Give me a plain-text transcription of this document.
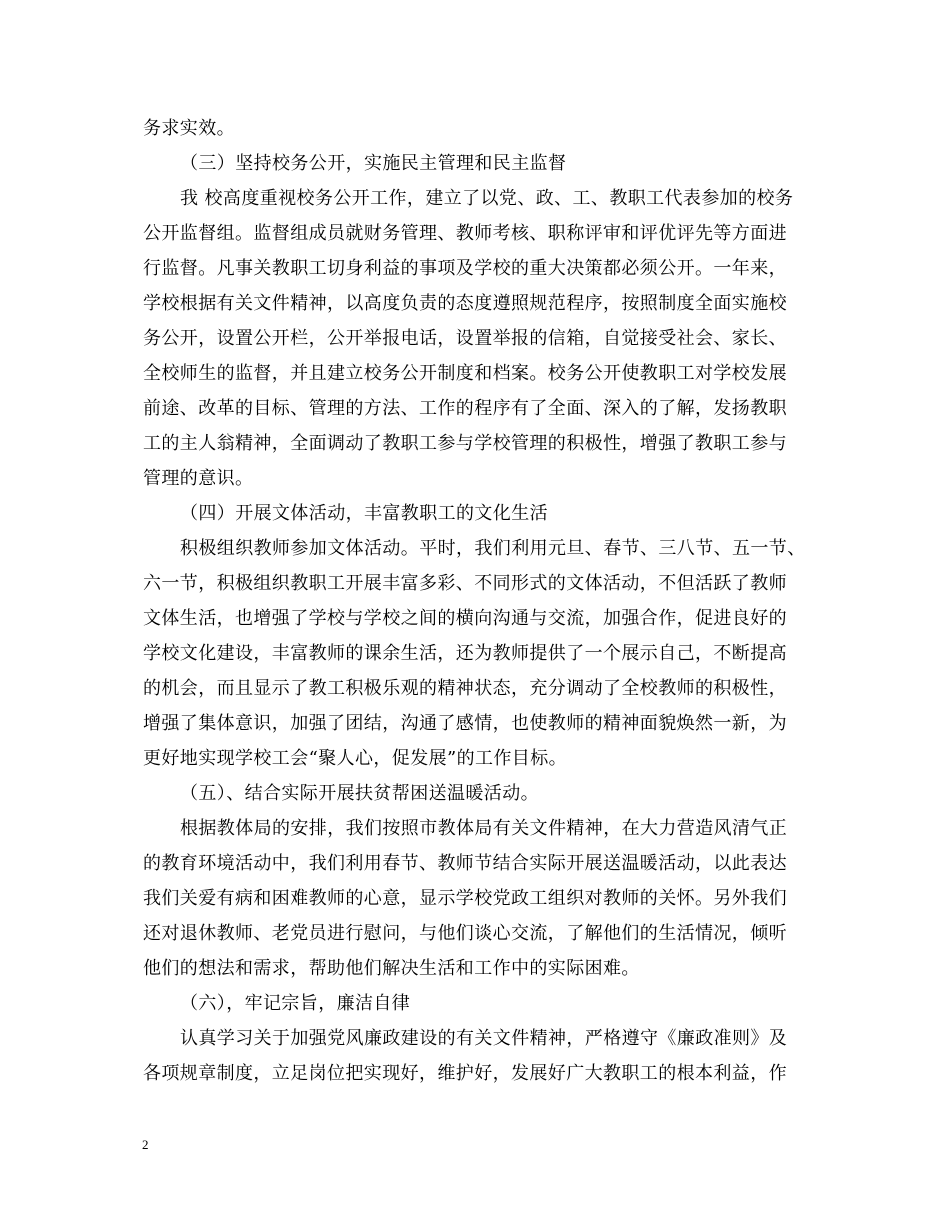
务求实效。
（三）坚持校务公开，实施民主管理和民主监督
我 校高度重视校务公开工作，建立了以党、政、工、教职工代表参加的校务
公开监督组。监督组成员就财务管理、教师考核、职称评审和评优评先等方面进
行监督。凡事关教职工切身利益的事项及学校的重大决策都必须公开。一年来，
学校根据有关文件精神，以高度负责的态度遵照规范程序，按照制度全面实施校
务公开，设置公开栏，公开举报电话，设置举报的信箱，自觉接受社会、家长、
全校师生的监督，并且建立校务公开制度和档案。校务公开使教职工对学校发展
前途、改革的目标、管理的方法、工作的程序有了全面、深入的了解，发扬教职
工的主人翁精神，全面调动了教职工参与学校管理的积极性，增强了教职工参与
管理的意识。
（四）开展文体活动，丰富教职工的文化生活
积极组织教师参加文体活动。平时，我们利用元旦、春节、三八节、五一节、
六一节，积极组织教职工开展丰富多彩、不同形式的文体活动，不但活跃了教师
文体生活，也增强了学校与学校之间的横向沟通与交流，加强合作，促进良好的
学校文化建设，丰富教师的课余生活，还为教师提供了一个展示自己，不断提高
的机会，而且显示了教工积极乐观的精神状态，充分调动了全校教师的积极性，
增强了集体意识，加强了团结，沟通了感情，也使教师的精神面貌焕然一新，为
更好地实现学校工会“聚人心，促发展”的工作目标。
（五）、结合实际开展扶贫帮困送温暖活动。
根据教体局的安排，我们按照市教体局有关文件精神，在大力营造风清气正
的教育环境活动中，我们利用春节、教师节结合实际开展送温暖活动，以此表达
我们关爱有病和困难教师的心意，显示学校党政工组织对教师的关怀。另外我们
还对退休教师、老党员进行慰问，与他们谈心交流，了解他们的生活情况，倾听
他们的想法和需求，帮助他们解决生活和工作中的实际困难。
（六），牢记宗旨，廉洁自律
认真学习关于加强党风廉政建设的有关文件精神，严格遵守《廉政准则》及
各项规章制度，立足岗位把实现好，维护好，发展好广大教职工的根本利益，作
2
